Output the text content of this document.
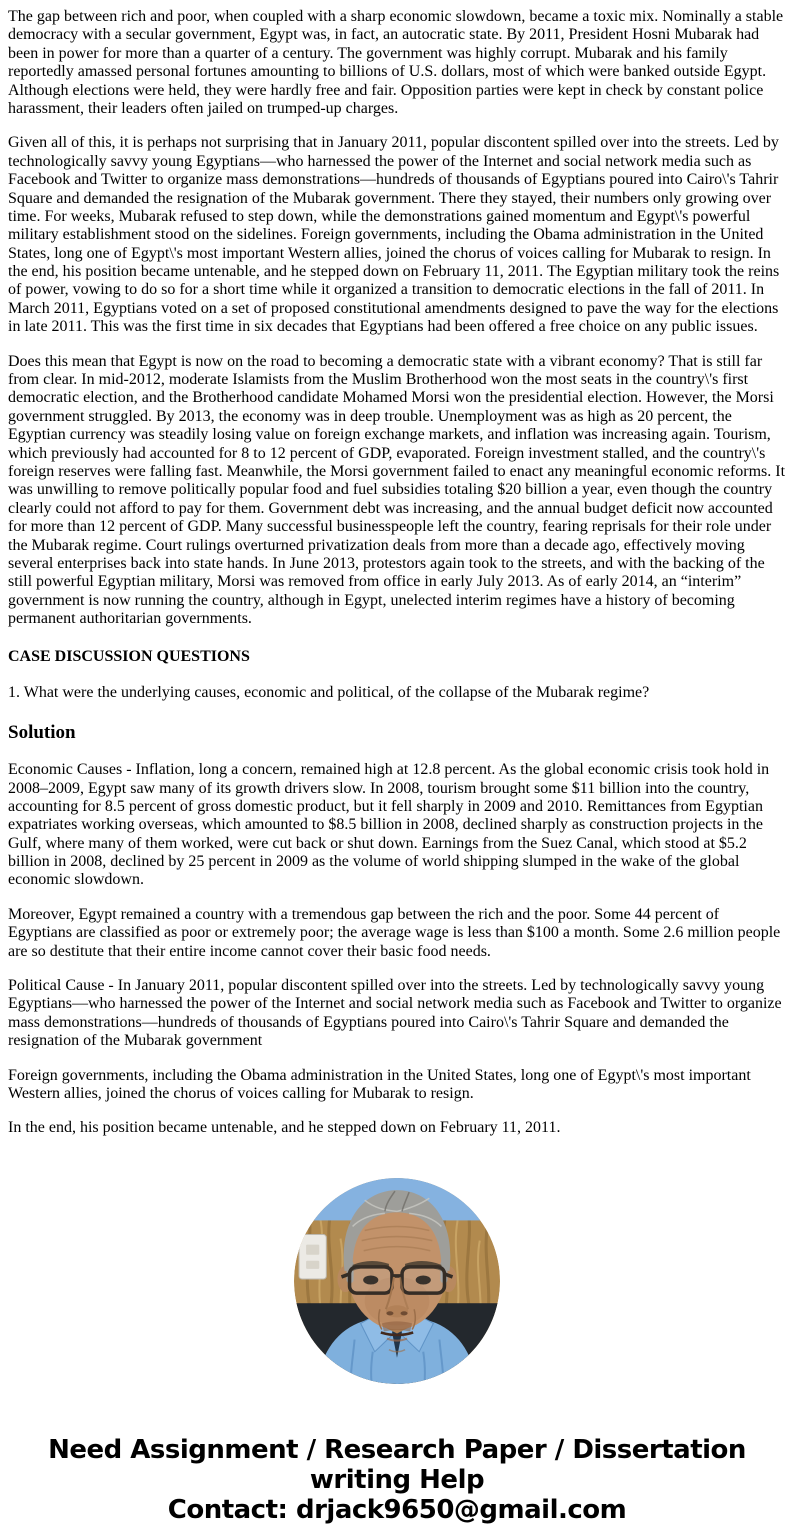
The gap between rich and poor, when coupled with a sharp economic slowdown, became a toxic mix. Nominally a stable democracy with a secular government, Egypt was, in fact, an autocratic state. By 2011, President Hosni Mubarak had been in power for more than a quarter of a century. The government was highly corrupt. Mubarak and his family reportedly amassed personal fortunes amounting to billions of U.S. dollars, most of which were banked outside Egypt. Although elections were held, they were hardly free and fair. Opposition parties were kept in check by constant police harassment, their leaders often jailed on trumped-up charges.

Given all of this, it is perhaps not surprising that in January 2011, popular discontent spilled over into the streets. Led by technologically savvy young Egyptians—who harnessed the power of the Internet and social network media such as Facebook and Twitter to organize mass demonstrations—hundreds of thousands of Egyptians poured into Cairo\'s Tahrir Square and demanded the resignation of the Mubarak government. There they stayed, their numbers only growing over time. For weeks, Mubarak refused to step down, while the demonstrations gained momentum and Egypt\'s powerful military establishment stood on the sidelines. Foreign governments, including the Obama administration in the United States, long one of Egypt\'s most important Western allies, joined the chorus of voices calling for Mubarak to resign. In the end, his position became untenable, and he stepped down on February 11, 2011. The Egyptian military took the reins of power, vowing to do so for a short time while it organized a transition to democratic elections in the fall of 2011. In March 2011, Egyptians voted on a set of proposed constitutional amendments designed to pave the way for the elections in late 2011. This was the first time in six decades that Egyptians had been offered a free choice on any public issues.

Does this mean that Egypt is now on the road to becoming a democratic state with a vibrant economy? That is still far from clear. In mid-2012, moderate Islamists from the Muslim Brotherhood won the most seats in the country\'s first democratic election, and the Brotherhood candidate Mohamed Morsi won the presidential election. However, the Morsi government struggled. By 2013, the economy was in deep trouble. Unemployment was as high as 20 percent, the Egyptian currency was steadily losing value on foreign exchange markets, and inflation was increasing again. Tourism, which previously had accounted for 8 to 12 percent of GDP, evaporated. Foreign investment stalled, and the country\'s foreign reserves were falling fast. Meanwhile, the Morsi government failed to enact any meaningful economic reforms. It was unwilling to remove politically popular food and fuel subsidies totaling $20 billion a year, even though the country clearly could not afford to pay for them. Government debt was increasing, and the annual budget deficit now accounted for more than 12 percent of GDP. Many successful businesspeople left the country, fearing reprisals for their role under the Mubarak regime. Court rulings overturned privatization deals from more than a decade ago, effectively moving several enterprises back into state hands. In June 2013, protestors again took to the streets, and with the backing of the still powerful Egyptian military, Morsi was removed from office in early July 2013. As of early 2014, an “interim” government is now running the country, although in Egypt, unelected interim regimes have a history of becoming permanent authoritarian governments.

CASE DISCUSSION QUESTIONS

1. What were the underlying causes, economic and political, of the collapse of the Mubarak regime?

Solution

Economic Causes - Inflation, long a concern, remained high at 12.8 percent. As the global economic crisis took hold in 2008–2009, Egypt saw many of its growth drivers slow. In 2008, tourism brought some $11 billion into the country, accounting for 8.5 percent of gross domestic product, but it fell sharply in 2009 and 2010. Remittances from Egyptian expatriates working overseas, which amounted to $8.5 billion in 2008, declined sharply as construction projects in the Gulf, where many of them worked, were cut back or shut down. Earnings from the Suez Canal, which stood at $5.2 billion in 2008, declined by 25 percent in 2009 as the volume of world shipping slumped in the wake of the global economic slowdown.

Moreover, Egypt remained a country with a tremendous gap between the rich and the poor. Some 44 percent of Egyptians are classified as poor or extremely poor; the average wage is less than $100 a month. Some 2.6 million people are so destitute that their entire income cannot cover their basic food needs.

Political Cause - In January 2011, popular discontent spilled over into the streets. Led by technologically savvy young Egyptians—who harnessed the power of the Internet and social network media such as Facebook and Twitter to organize mass demonstrations—hundreds of thousands of Egyptians poured into Cairo\'s Tahrir Square and demanded the resignation of the Mubarak government

Foreign governments, including the Obama administration in the United States, long one of Egypt\'s most important Western allies, joined the chorus of voices calling for Mubarak to resign.

In the end, his position became untenable, and he stepped down on February 11, 2011.

Need Assignment / Research Paper / Dissertation writing Help
Contact: drjack9650@gmail.com
